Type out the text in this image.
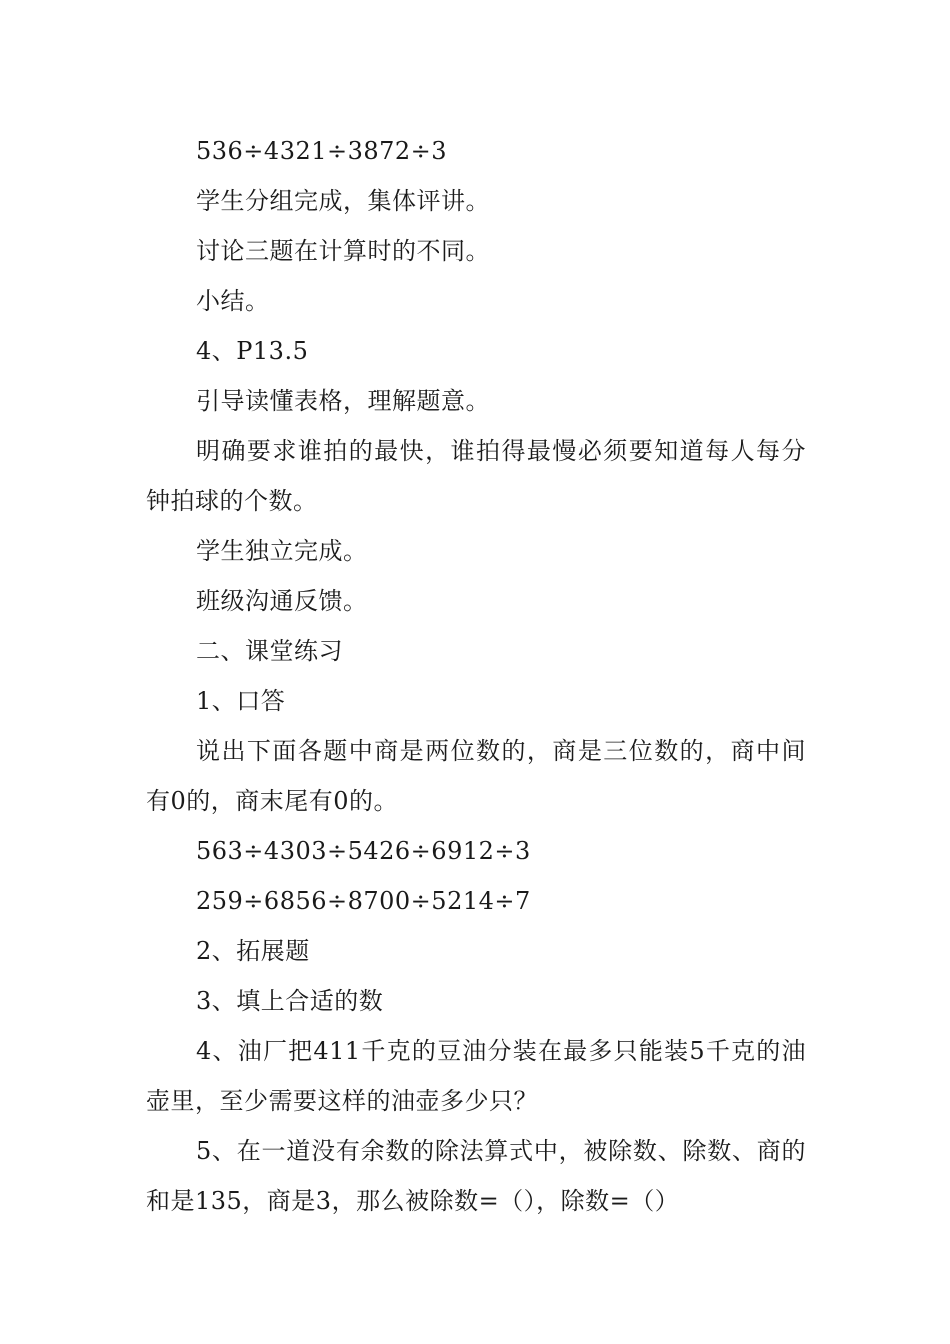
536÷4321÷3872÷3

学生分组完成，集体评讲。

讨论三题在计算时的不同。

小结。

4、P13.5

引导读懂表格，理解题意。

明确要求谁拍的最快，谁拍得最慢必须要知道每人每分钟拍球的个数。

学生独立完成。

班级沟通反馈。

二、课堂练习

1、口答

说出下面各题中商是两位数的，商是三位数的，商中间有0的，商末尾有0的。

563÷4303÷5426÷6912÷3

259÷6856÷8700÷5214÷7

2、拓展题

3、填上合适的数

4、油厂把411千克的豆油分装在最多只能装5千克的油壶里，至少需要这样的油壶多少只？

5、在一道没有余数的除法算式中，被除数、除数、商的和是135，商是3，那么被除数=（），除数=（）
